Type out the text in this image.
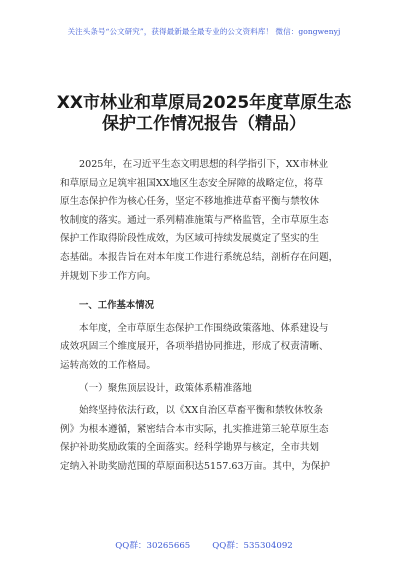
关注头条号“公文研究”，获得最新最全最专业的公文资料库！ 微信：gongwenyj
XX市林业和草原局2025年度草原生态
保护工作情况报告（精品）
2025年，在习近平生态文明思想的科学指引下，XX市林业
和草原局立足筑牢祖国XX地区生态安全屏障的战略定位，将草
原生态保护作为核心任务，坚定不移地推进草畜平衡与禁牧休
牧制度的落实。通过一系列精准施策与严格监管，全市草原生态
保护工作取得阶段性成效，为区域可持续发展奠定了坚实的生
态基础。本报告旨在对本年度工作进行系统总结，剖析存在问题，
并规划下步工作方向。
一、工作基本情况
本年度，全市草原生态保护工作围绕政策落地、体系建设与
成效巩固三个维度展开，各项举措协同推进，形成了权责清晰、
运转高效的工作格局。
（一）聚焦顶层设计，政策体系精准落地
始终坚持依法行政，以《XX自治区草畜平衡和禁牧休牧条
例》为根本遵循，紧密结合本市实际，扎实推进第三轮草原生态
保护补助奖励政策的全面落实。经科学勘界与核定，全市共划
定纳入补助奖励范围的草原面积达5157.63万亩。其中，为保护
QQ群：30265665	QQ群：535304092
